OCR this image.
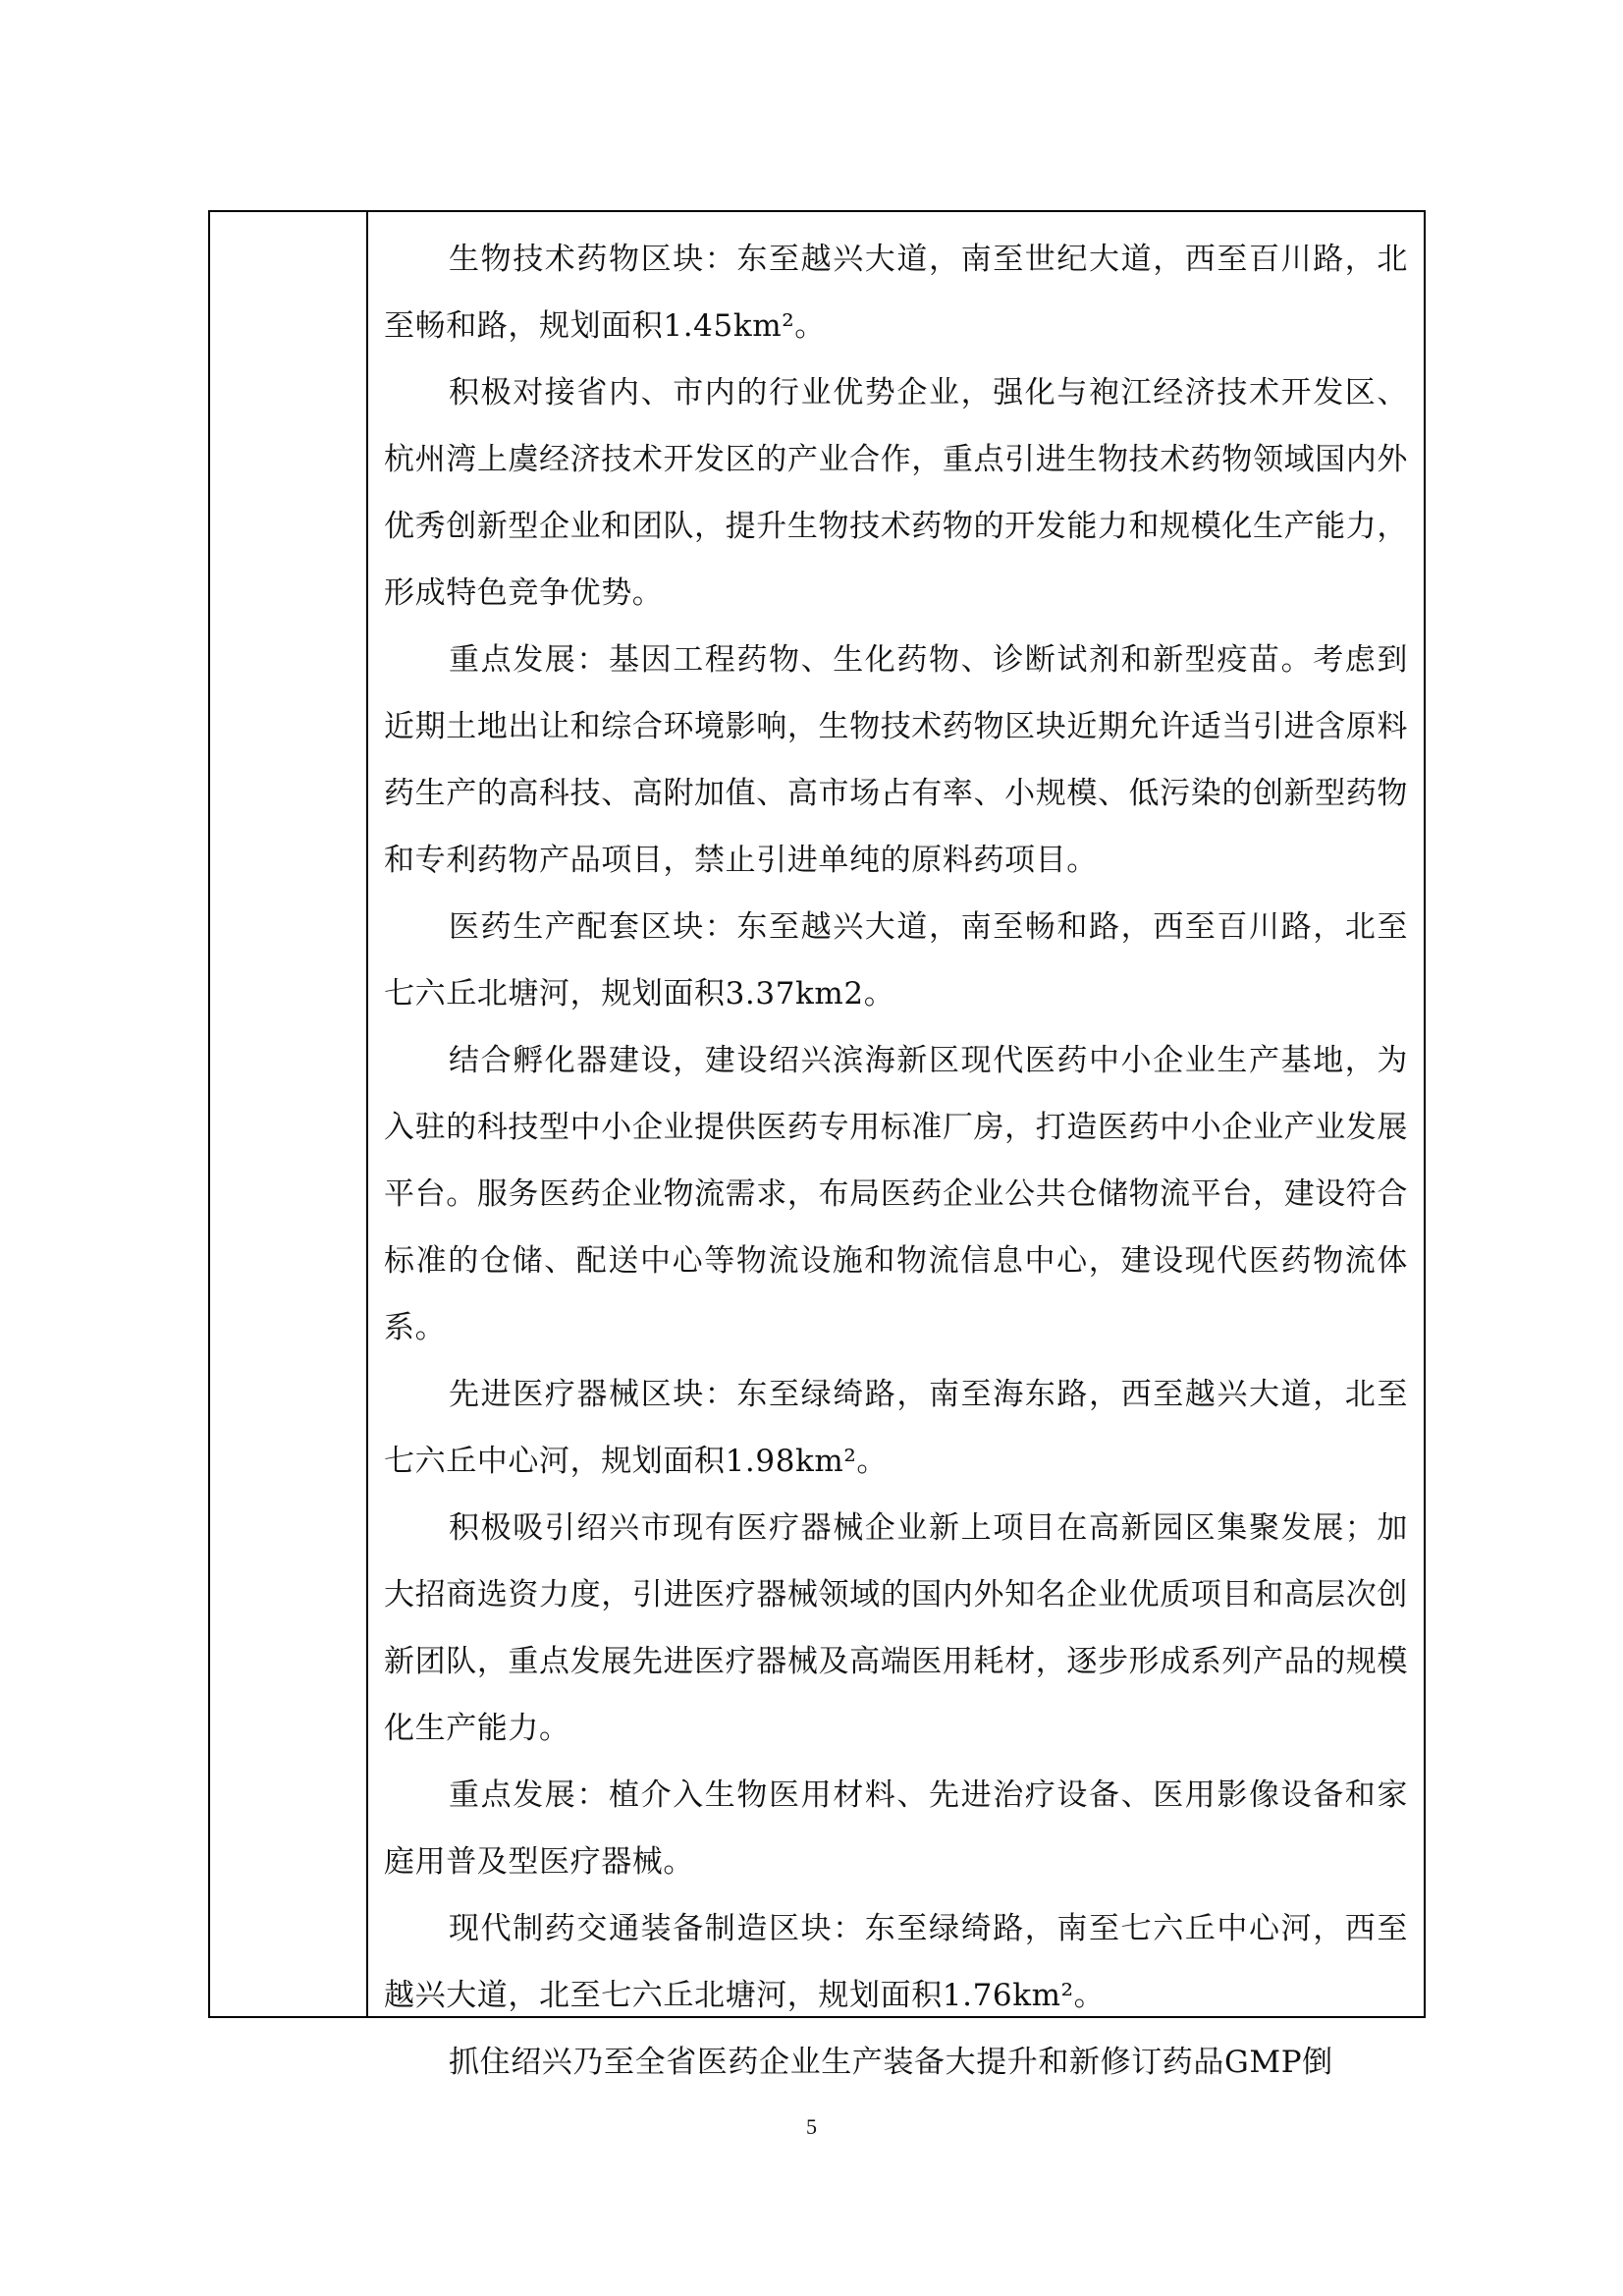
生物技术药物区块：东至越兴大道，南至世纪大道，西至百川路，北至畅和路，规划面积1.45km²。

积极对接省内、市内的行业优势企业，强化与袍江经济技术开发区、杭州湾上虞经济技术开发区的产业合作，重点引进生物技术药物领域国内外优秀创新型企业和团队，提升生物技术药物的开发能力和规模化生产能力，形成特色竞争优势。

重点发展：基因工程药物、生化药物、诊断试剂和新型疫苗。考虑到近期土地出让和综合环境影响，生物技术药物区块近期允许适当引进含原料药生产的高科技、高附加值、高市场占有率、小规模、低污染的创新型药物和专利药物产品项目，禁止引进单纯的原料药项目。

医药生产配套区块：东至越兴大道，南至畅和路，西至百川路，北至七六丘北塘河，规划面积3.37km2。

结合孵化器建设，建设绍兴滨海新区现代医药中小企业生产基地，为入驻的科技型中小企业提供医药专用标准厂房，打造医药中小企业产业发展平台。服务医药企业物流需求，布局医药企业公共仓储物流平台，建设符合标准的仓储、配送中心等物流设施和物流信息中心，建设现代医药物流体系。

先进医疗器械区块：东至绿绮路，南至海东路，西至越兴大道，北至七六丘中心河，规划面积1.98km²。

积极吸引绍兴市现有医疗器械企业新上项目在高新园区集聚发展；加大招商选资力度，引进医疗器械领域的国内外知名企业优质项目和高层次创新团队，重点发展先进医疗器械及高端医用耗材，逐步形成系列产品的规模化生产能力。

重点发展：植介入生物医用材料、先进治疗设备、医用影像设备和家庭用普及型医疗器械。

现代制药交通装备制造区块：东至绿绮路，南至七六丘中心河，西至越兴大道，北至七六丘北塘河，规划面积1.76km²。

抓住绍兴乃至全省医药企业生产装备大提升和新修订药品GMP倒

5
